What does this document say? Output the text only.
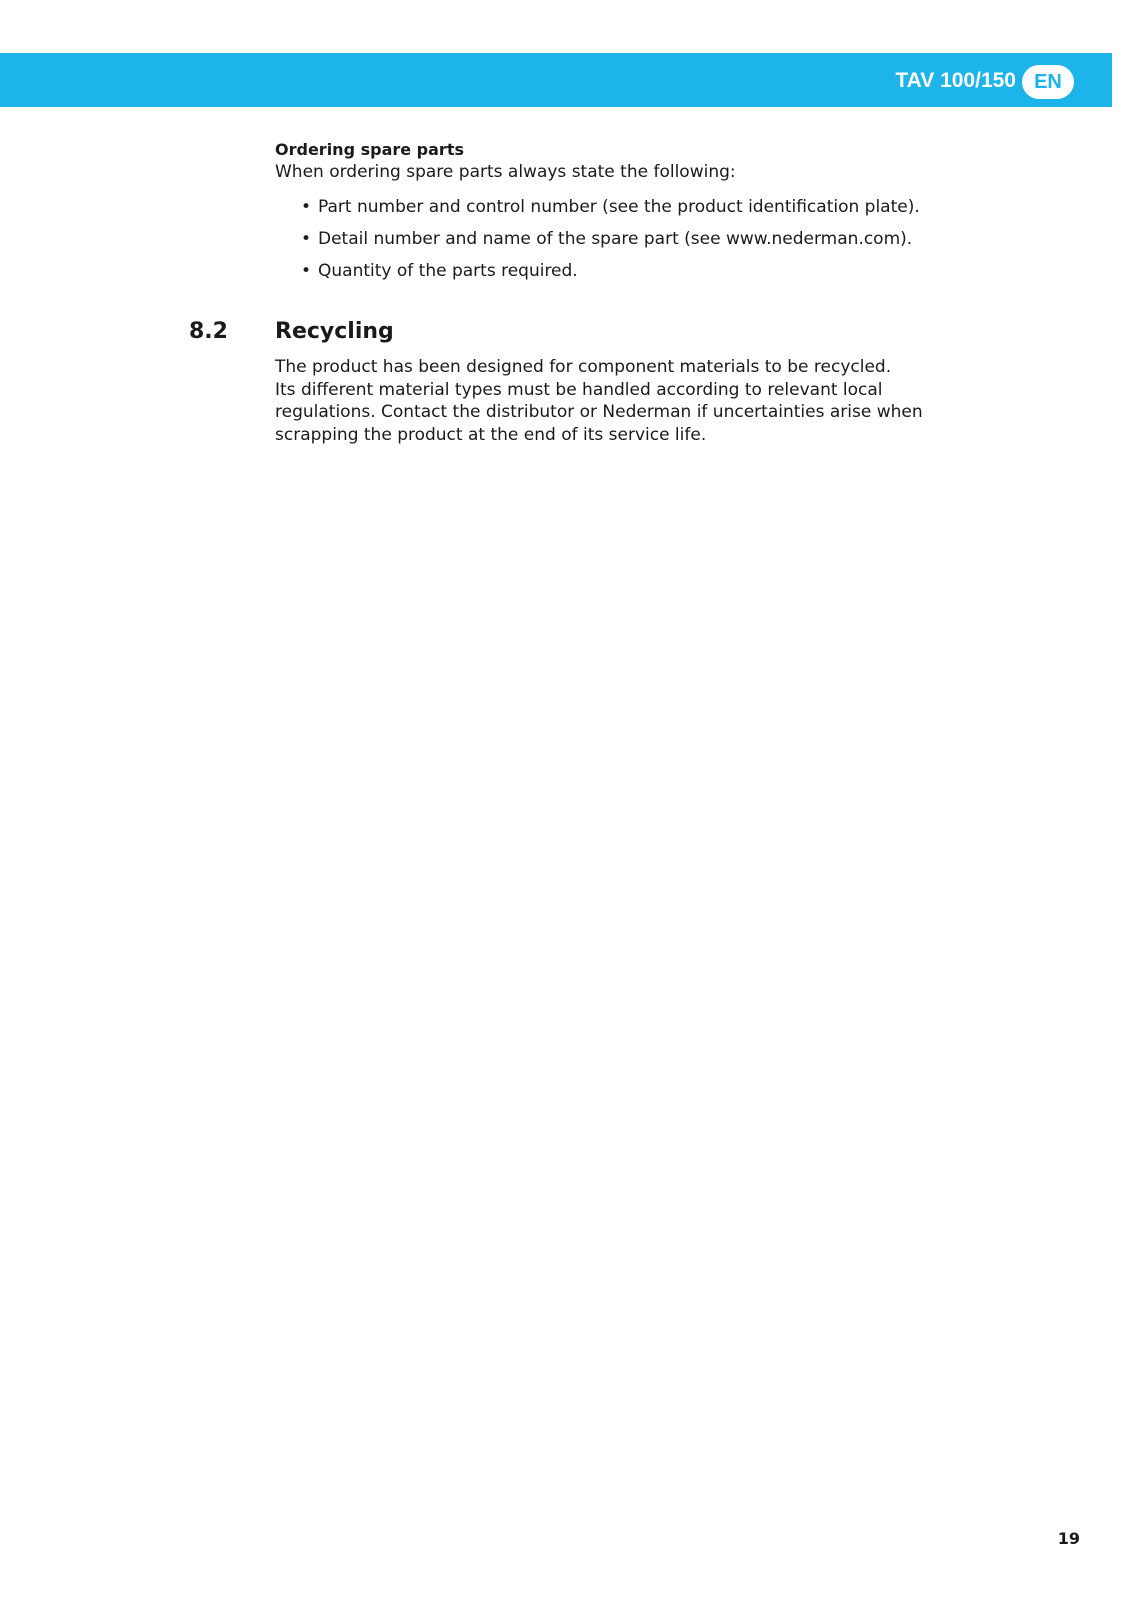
TAV 100/150 EN
Ordering spare parts
When ordering spare parts always state the following:
• Part number and control number (see the product identification plate).
• Detail number and name of the spare part (see www.nederman.com).
• Quantity of the parts required.
8.2 Recycling
The product has been designed for component materials to be recycled.
Its different material types must be handled according to relevant local
regulations. Contact the distributor or Nederman if uncertainties arise when
scrapping the product at the end of its service life.
19
